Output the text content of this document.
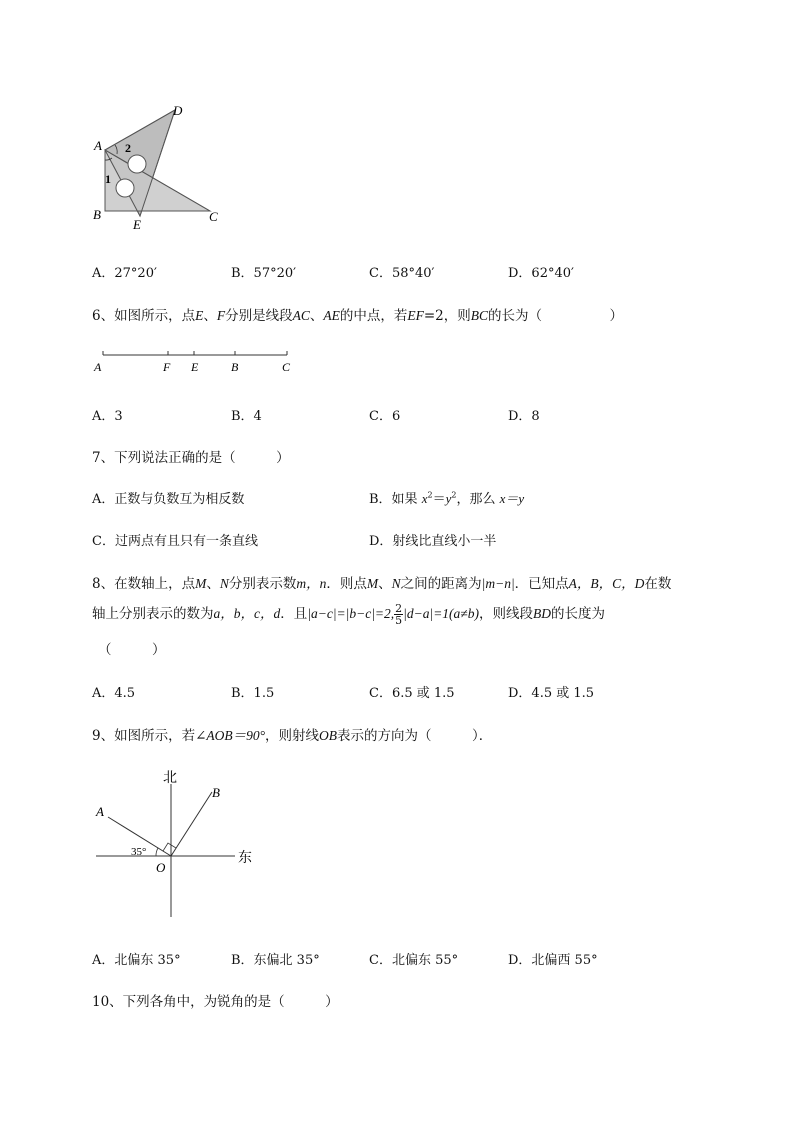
A
D
B
E
C
1
2
A．27°20′	B．57°20′	C．58°40′	D．62°40′
6、如图所示，点E、F分别是线段AC、AE的中点，若EF=2，则BC的长为（　　　　　）
A	F E	B	C
A．3	B．4	C．6	D．8
7、下列说法正确的是（　　　）
A．正数与负数互为相反数	B．如果 $x^2=y^2$，那么 x＝y
C．过两点有且只有一条直线	D．射线比直线小一半
8、在数轴上，点M、N分别表示数m，n．则点M、N之间的距离为|m−n|．已知点A，B，C，D在数
轴上分别表示的数为a，b，c，d．且|a−c|=|b−c|=2, $\frac{2}{5} |d-a|=1(a\ne b)$，则线段BD的长度为
（　　　）
A．4.5	B．1.5	C．6.5 或 1.5	D．4.5 或 1.5
9、如图所示，若∠AOB＝90°，则射线OB表示的方向为（　　　）．
北
东
A
B
O
35°
A．北偏东 35°	B．东偏北 35°	C．北偏东 55°	D．北偏西 55°
10、下列各角中，为锐角的是（　　　）
